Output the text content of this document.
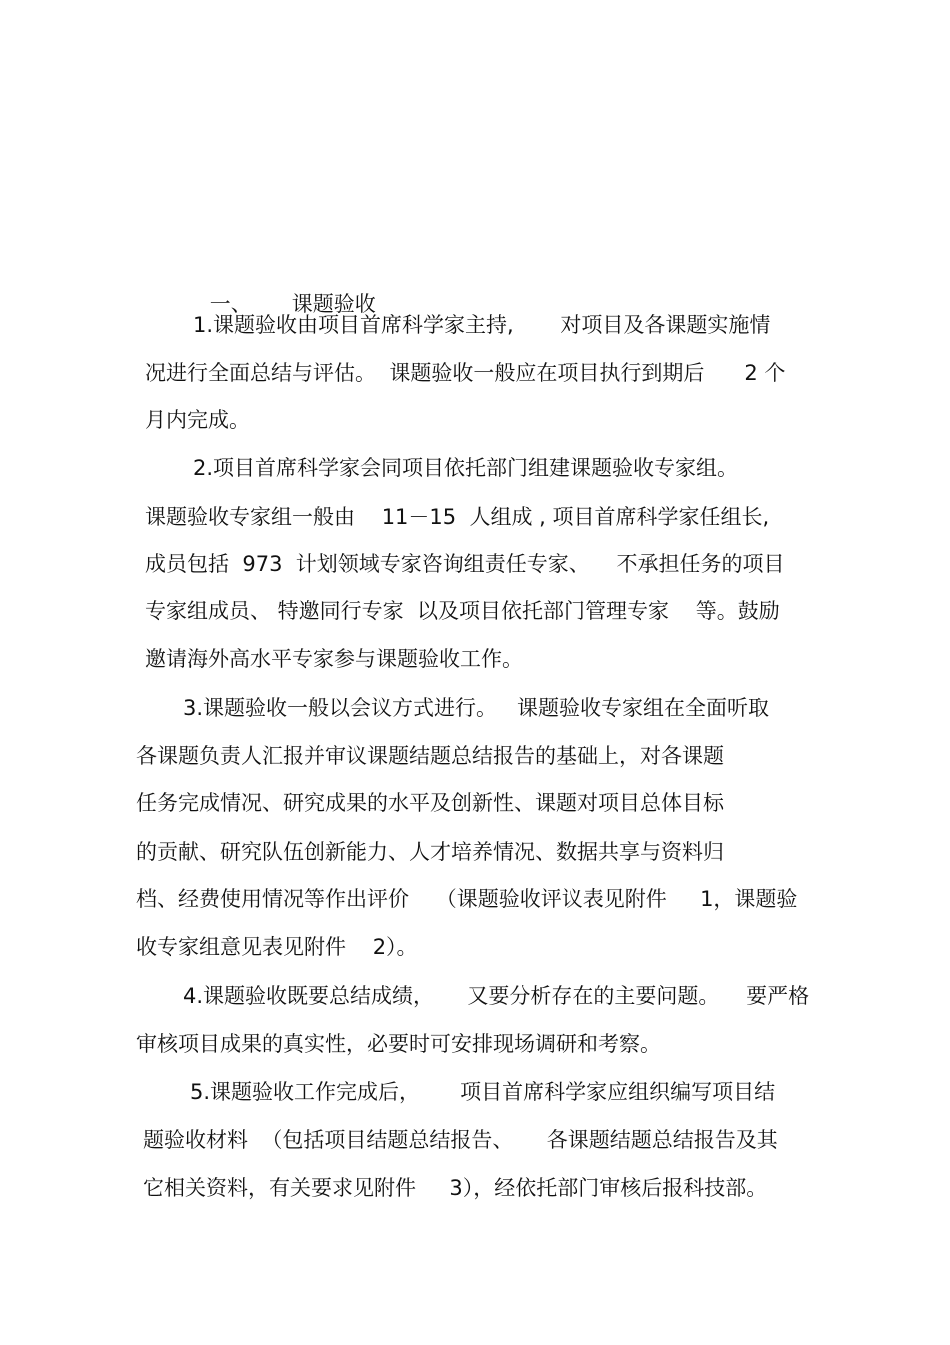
一、 课题验收

1.课题验收由项目首席科学家主持,       对项目及各课题实施情
况进行全面总结与评估。  课题验收一般应在项目执行到期后      2 个
月内完成。
2.项目首席科学家会同项目依托部门组建课题验收专家组。
课题验收专家组一般由    11－15  人组成 , 项目首席科学家任组长,
成员包括  973  计划领域专家咨询组责任专家、    不承担任务的项目
专家组成员、 特邀同行专家  以及项目依托部门管理专家    等。鼓励
邀请海外高水平专家参与课题验收工作。
3.课题验收一般以会议方式进行。   课题验收专家组在全面听取
各课题负责人汇报并审议课题结题总结报告的基础上，对各课题
任务完成情况、研究成果的水平及创新性、课题对项目总体目标
的贡献、研究队伍创新能力、人才培养情况、数据共享与资料归
档、经费使用情况等作出评价    （课题验收评议表见附件     1，课题验
收专家组意见表见附件    2）。
4.课题验收既要总结成绩，     又要分析存在的主要问题。    要严格
审核项目成果的真实性，必要时可安排现场调研和考察。
5.课题验收工作完成后，      项目首席科学家应组织编写项目结
题验收材料  （包括项目结题总结报告、     各课题结题总结报告及其
它相关资料，有关要求见附件     3），经依托部门审核后报科技部。
